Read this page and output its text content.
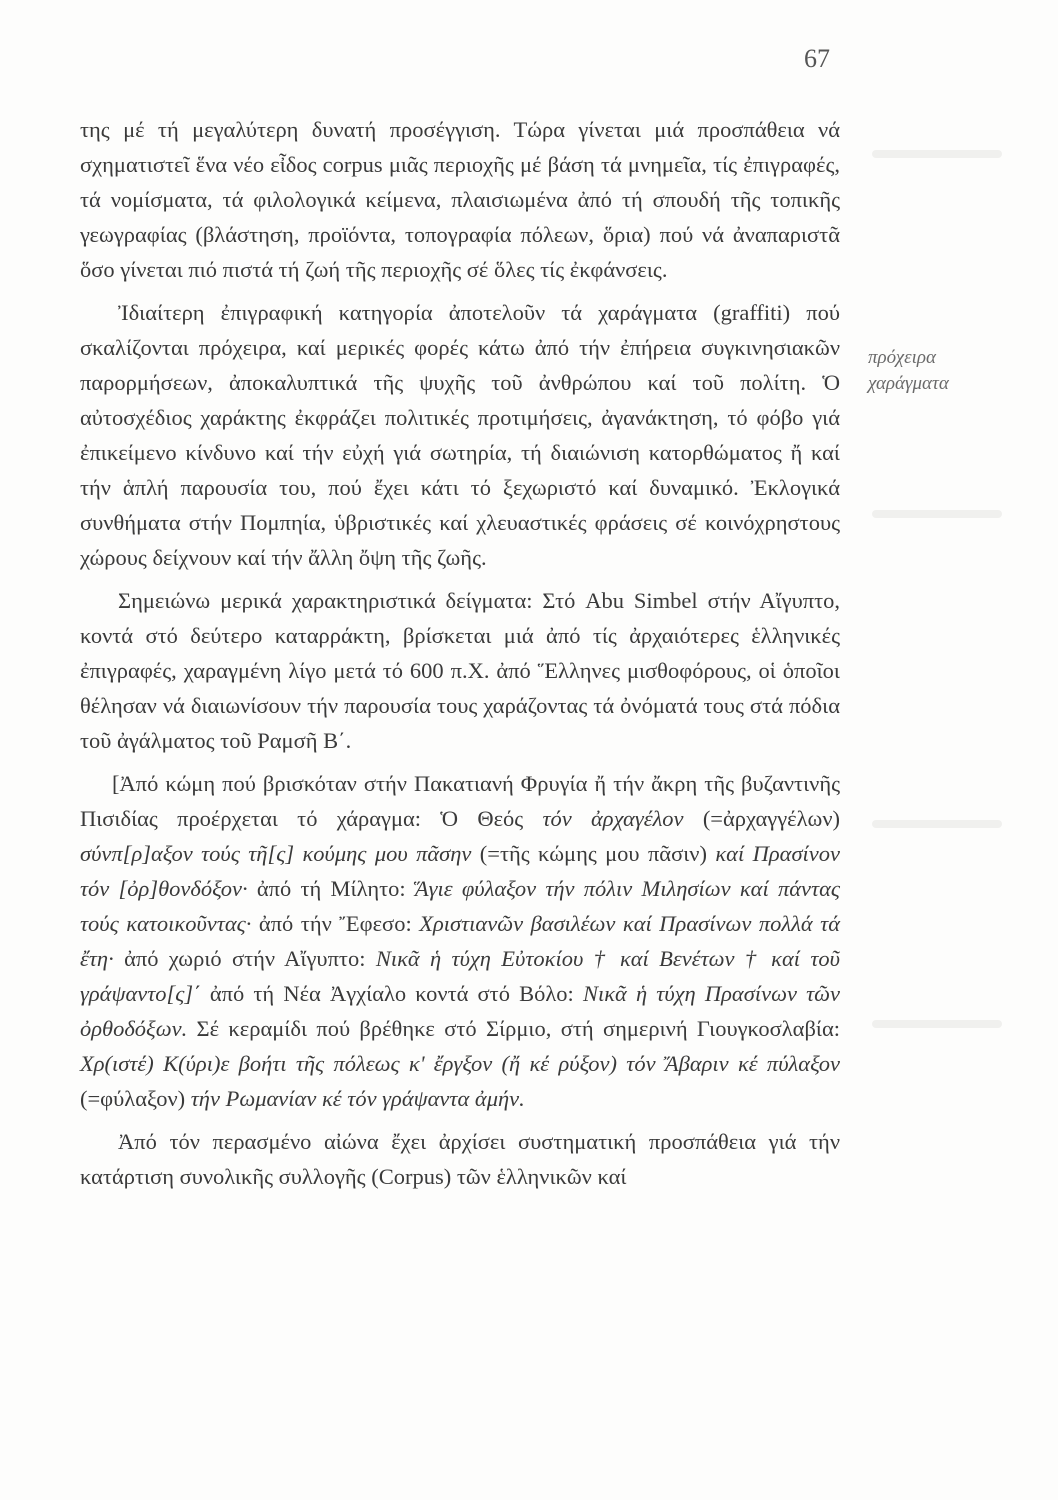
67

της μέ τή μεγαλύτερη δυνατή προσέγγιση. Τώρα γίνεται μιά προσπάθεια νά σχηματιστεῖ ἕνα νέο εἶδος corpus μιᾶς περιοχῆς μέ βάση τά μνημεῖα, τίς ἐπιγραφές, τά νομίσματα, τά φιλολογικά κείμενα, πλαισιωμένα ἀπό τή σπουδή τῆς τοπικῆς γεωγραφίας (βλάστηση, προϊόντα, τοπογραφία πόλεων, ὅρια) πού νά ἀναπαριστᾶ ὅσο γίνεται πιό πιστά τή ζωή τῆς περιοχῆς σέ ὅλες τίς ἐκφάνσεις.

Ἰδιαίτερη ἐπιγραφική κατηγορία ἀποτελοῦν τά χαράγματα (graffiti) πού σκαλίζονται πρόχειρα, καί μερικές φορές κάτω ἀπό τήν ἐπήρεια συγκινησιακῶν παρορμήσεων, ἀποκαλυπτικά τῆς ψυχῆς τοῦ ἀνθρώπου καί τοῦ πολίτη. Ὁ αὐτοσχέδιος χαράκτης ἐκφράζει πολιτικές προτιμήσεις, ἀγανάκτηση, τό φόβο γιά ἐπικείμενο κίνδυνο καί τήν εὐχή γιά σωτηρία, τή διαιώνιση κατορθώματος ἤ καί τήν ἁπλή παρουσία του, πού ἔχει κάτι τό ξεχωριστό καί δυναμικό. Ἐκλογικά συνθήματα στήν Πομπηία, ὑβριστικές καί χλευαστικές φράσεις σέ κοινόχρηστους χώρους δείχνουν καί τήν ἄλλη ὄψη τῆς ζωῆς.

Σημειώνω μερικά χαρακτηριστικά δείγματα: Στό Abu Simbel στήν Αἴγυπτο, κοντά στό δεύτερο καταρράκτη, βρίσκεται μιά ἀπό τίς ἀρχαιότερες ἑλληνικές ἐπιγραφές, χαραγμένη λίγο μετά τό 600 π.Χ. ἀπό Ἕλληνες μισθοφόρους, οἱ ὁποῖοι θέλησαν νά διαιωνίσουν τήν παρουσία τους χαράζοντας τά ὀνόματά τους στά πόδια τοῦ ἀγάλματος τοῦ Ραμσῆ Β΄.

[Ἀπό κώμη πού βρισκόταν στήν Πακατιανή Φρυγία ἤ τήν ἄκρη τῆς βυζαντινῆς Πισιδίας προέρχεται τό χάραγμα: Ὁ Θεός τόν ἀρχαγέλον (=ἀρχαγγέλων) σύνπ[ρ]αξον τούς τῆ[ς] κούμης μου πᾶσην (=τῆς κώμης μου πᾶσιν) καί Πρασίνον τόν [ὀρ]θονδόξον· ἀπό τή Μίλητο: Ἅγιε φύλαξον τήν πόλιν Μιλησίων καί πάντας τούς κατοικοῦντας· ἀπό τήν Ἔφεσο: Χριστιανῶν βασιλέων καί Πρασίνων πολλά τά ἔτη· ἀπό χωριό στήν Αἴγυπτο: Νικᾶ ἡ τύχη Εὐτοκίου † καί Βενέτων † καί τοῦ γράψαντο[ς]΄ ἀπό τή Νέα Ἀγχίαλο κοντά στό Βόλο: Νικᾶ ἡ τύχη Πρασίνων τῶν ὀρθοδόξων. Σέ κεραμίδι πού βρέθηκε στό Σίρμιο, στή σημερινή Γιουγκοσλαβία: Χρ(ιστέ) Κ(ύρι)ε βοήτι τῆς πόλεως κ' ἔργξον (ἤ κέ ρύξον) τόν Ἄβαριν κέ πύλαξον (=φύλαξον) τήν Ρωμανίαν κέ τόν γράψαντα ἀμήν.

Ἀπό τόν περασμένο αἰώνα ἔχει ἀρχίσει συστηματική προσπάθεια γιά τήν κατάρτιση συνολικῆς συλλογῆς (Corpus) τῶν ἑλληνικῶν καί

πρόχειρα
χαράγματα
